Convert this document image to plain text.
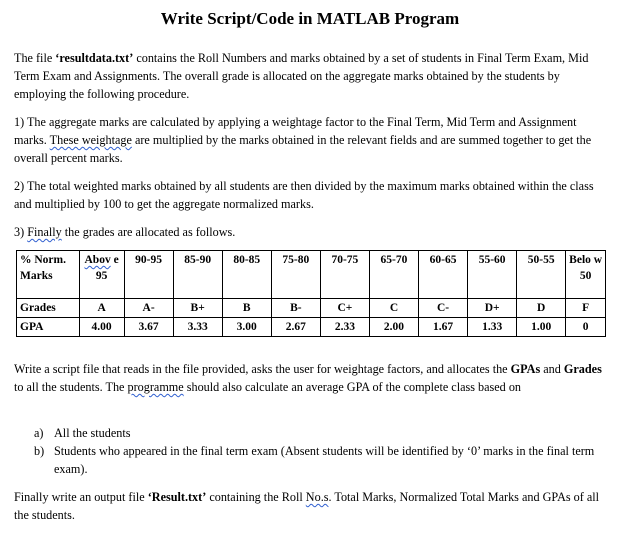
Write Script/Code in MATLAB Program

The file ‘resultdata.txt’ contains the Roll Numbers and marks obtained by a set of students in Final Term Exam, Mid Term Exam and Assignments. The overall grade is allocated on the aggregate marks obtained by the students by employing the following procedure.

1) The aggregate marks are calculated by applying a weightage factor to the Final Term, Mid Term and Assignment marks. These weightage are multiplied by the marks obtained in the relevant fields and are summed together to get the overall percent marks.

2) The total weighted marks obtained by all students are then divided by the maximum marks obtained within the class and multiplied by 100 to get the aggregate normalized marks.

3) Finally the grades are allocated as follows.

% Norm. Marks	Abov e 95	90-95	85-90	80-85	75-80	70-75	65-70	60-65	55-60	50-55	Belo w 50
Grades	A	A-	B+	B	B-	C+	C	C-	D+	D	F
GPA	4.00	3.67	3.33	3.00	2.67	2.33	2.00	1.67	1.33	1.00	0

Write a script file that reads in the file provided, asks the user for weightage factors, and allocates the GPAs and Grades to all the students. The programme should also calculate an average GPA of the complete class based on

a) All the students
b) Students who appeared in the final term exam (Absent students will be identified by ‘0’ marks in the final term exam).

Finally write an output file ‘Result.txt’ containing the Roll No.s. Total Marks, Normalized Total Marks and GPAs of all the students.
